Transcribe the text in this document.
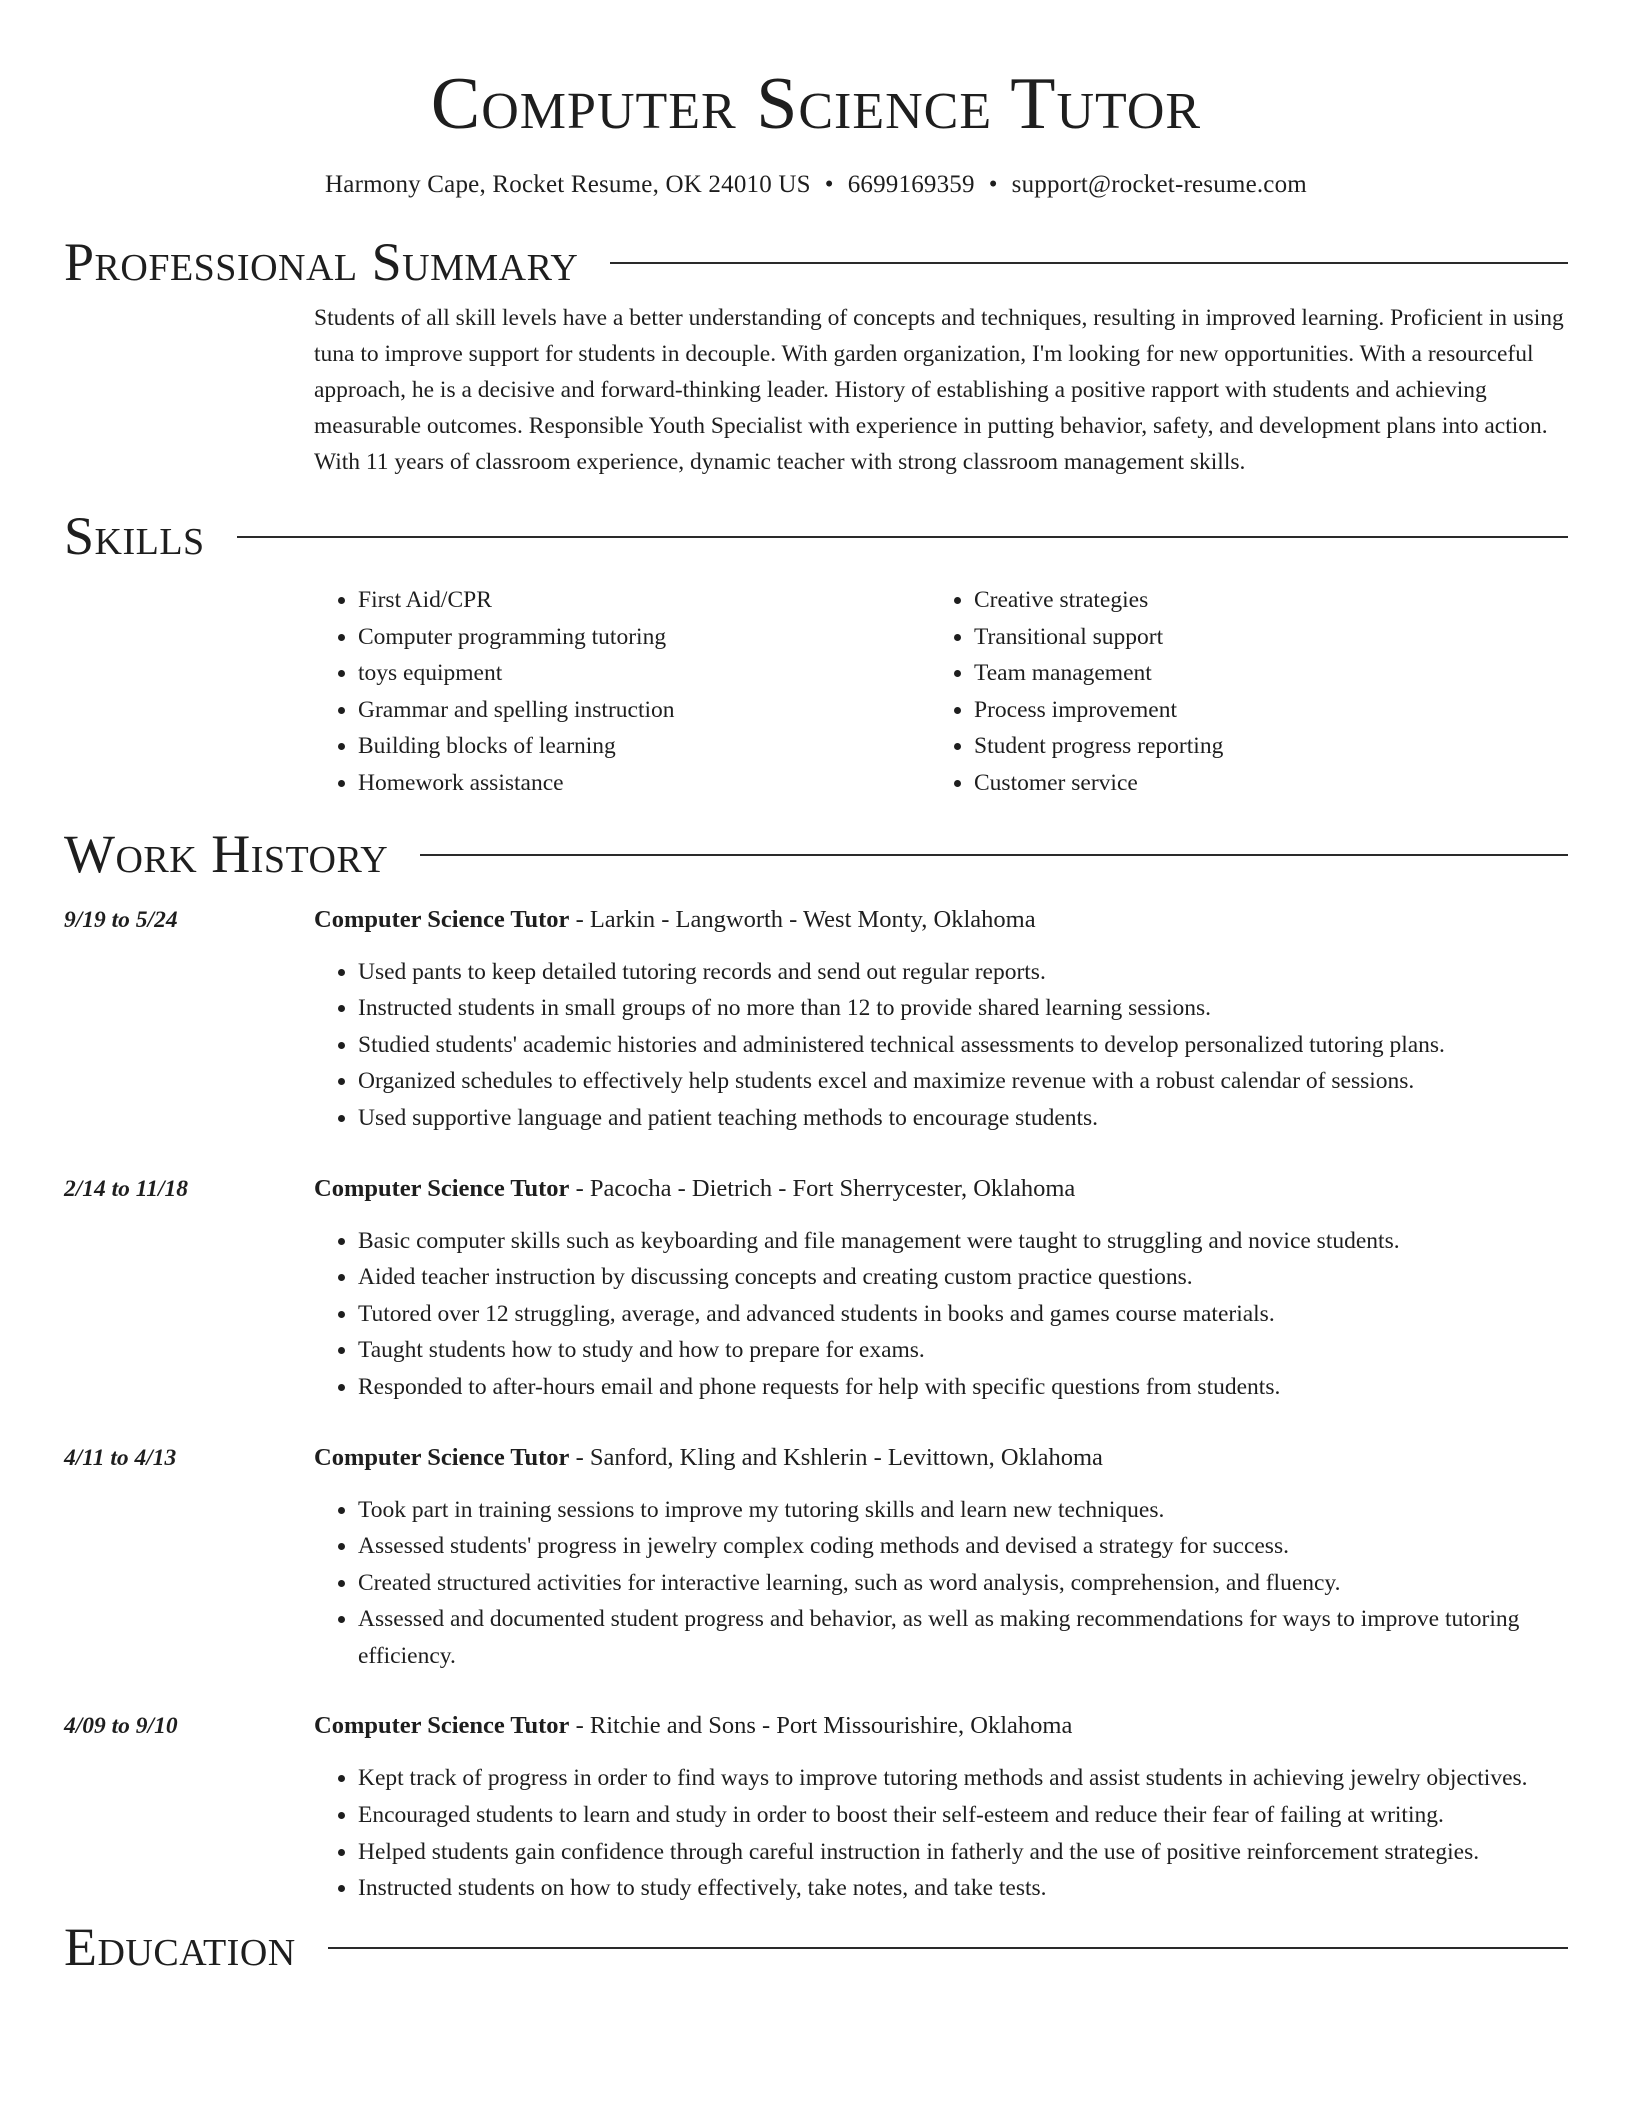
Computer Science Tutor
Harmony Cape, Rocket Resume, OK 24010 US • 6699169359 • support@rocket-resume.com
Professional Summary

Students of all skill levels have a better understanding of concepts and techniques, resulting in improved learning. Proficient in using tuna to improve support for students in decouple. With garden organization, I'm looking for new opportunities. With a resourceful approach, he is a decisive and forward-thinking leader. History of establishing a positive rapport with students and achieving measurable outcomes. Responsible Youth Specialist with experience in putting behavior, safety, and development plans into action. With 11 years of classroom experience, dynamic teacher with strong classroom management skills.

Skills
• First Aid/CPR
• Computer programming tutoring
• toys equipment
• Grammar and spelling instruction
• Building blocks of learning
• Homework assistance
• Creative strategies
• Transitional support
• Team management
• Process improvement
• Student progress reporting
• Customer service
Work History
9/19 to 5/24	Computer Science Tutor - Larkin - Langworth - West Monty, Oklahoma

• Used pants to keep detailed tutoring records and send out regular reports.
• Instructed students in small groups of no more than 12 to provide shared learning sessions.
• Studied students' academic histories and administered technical assessments to develop personalized tutoring plans.
• Organized schedules to effectively help students excel and maximize revenue with a robust calendar of sessions.
• Used supportive language and patient teaching methods to encourage students.
2/14 to 11/18	Computer Science Tutor - Pacocha - Dietrich - Fort Sherrycester, Oklahoma

• Basic computer skills such as keyboarding and file management were taught to struggling and novice students.
• Aided teacher instruction by discussing concepts and creating custom practice questions.
• Tutored over 12 struggling, average, and advanced students in books and games course materials.
• Taught students how to study and how to prepare for exams.
• Responded to after-hours email and phone requests for help with specific questions from students.
4/11 to 4/13	Computer Science Tutor - Sanford, Kling and Kshlerin - Levittown, Oklahoma

• Took part in training sessions to improve my tutoring skills and learn new techniques.
• Assessed students' progress in jewelry complex coding methods and devised a strategy for success.
• Created structured activities for interactive learning, such as word analysis, comprehension, and fluency.
• Assessed and documented student progress and behavior, as well as making recommendations for ways to improve tutoring efficiency.
4/09 to 9/10	Computer Science Tutor - Ritchie and Sons - Port Missourishire, Oklahoma

• Kept track of progress in order to find ways to improve tutoring methods and assist students in achieving jewelry objectives.
• Encouraged students to learn and study in order to boost their self-esteem and reduce their fear of failing at writing.
• Helped students gain confidence through careful instruction in fatherly and the use of positive reinforcement strategies.
• Instructed students on how to study effectively, take notes, and take tests.
Education
